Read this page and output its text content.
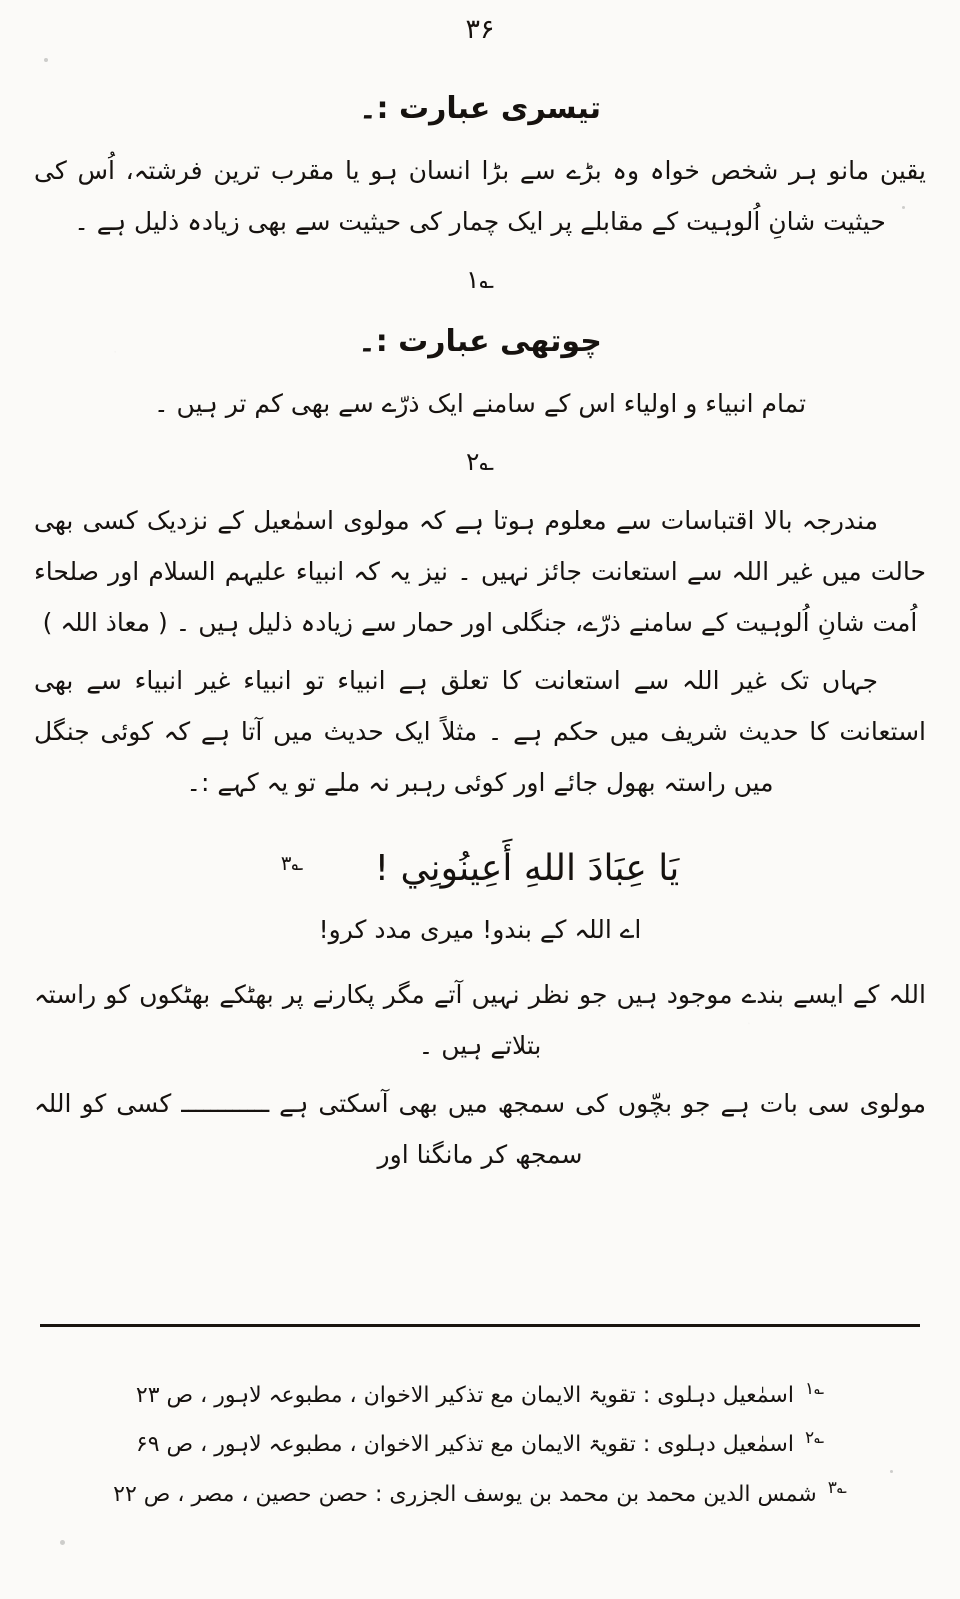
۳۶
تیسری عبارت :۔
یقین مانو ہر شخص خواہ وہ بڑے سے بڑا انسان ہو یا مقرب ترین فرشتہ، اُس کی حیثیت شانِ اُلوہیت کے مقابلے پر ایک چمار کی حیثیت سے بھی زیادہ ذلیل ہے ۔
؎۱
چوتھی عبارت :۔
تمام انبیاء و اولیاء اس کے سامنے ایک ذرّے سے بھی کم تر ہیں ۔
؎۲
مندرجہ بالا اقتباسات سے معلوم ہوتا ہے کہ مولوی اسمٰعیل کے نزدیک کسی بھی حالت میں غیر اللہ سے استعانت جائز نہیں ۔ نیز یہ کہ انبیاء علیہم السلام اور صلحاء اُمت شانِ اُلوہیت کے سامنے ذرّے، جنگلی اور حمار سے زیادہ ذلیل ہیں ۔ ( معاذ اللہ )
جہاں تک غیر اللہ سے استعانت کا تعلق ہے انبیاء تو انبیاء غیر انبیاء سے بھی استعانت کا حدیث شریف میں حکم ہے ۔ مثلاً ایک حدیث میں آتا ہے کہ کوئی جنگل میں راستہ بھول جائے اور کوئی رہبر نہ ملے تو یہ کہے :۔
يَا عِبَادَ اللهِ أَعِينُونِي ! $^{؎۳}$
اے اللہ کے بندو! میری مدد کرو!
اللہ کے ایسے بندے موجود ہیں جو نظر نہیں آتے مگر پکارنے پر بھٹکے بھٹکوں کو راستہ بتلاتے ہیں ۔
مولوی سی بات ہے جو بچّوں کی سمجھ میں بھی آسکتی ہے ــــــــــــ کسی کو اللہ سمجھ کر مانگنا اور
$^{؎۱}$ اسمٰعیل دہلوی : تقویۃ الایمان مع تذکیر الاخوان ، مطبوعہ لاہور ، ص ۲۳
$^{؎۲}$ اسمٰعیل دہلوی : تقویۃ الایمان مع تذکیر الاخوان ، مطبوعہ لاہور ، ص ۶۹
$^{؎۳}$ شمس الدین محمد بن محمد بن یوسف الجزری : حصن حصین ، مصر ، ص ۲۲
